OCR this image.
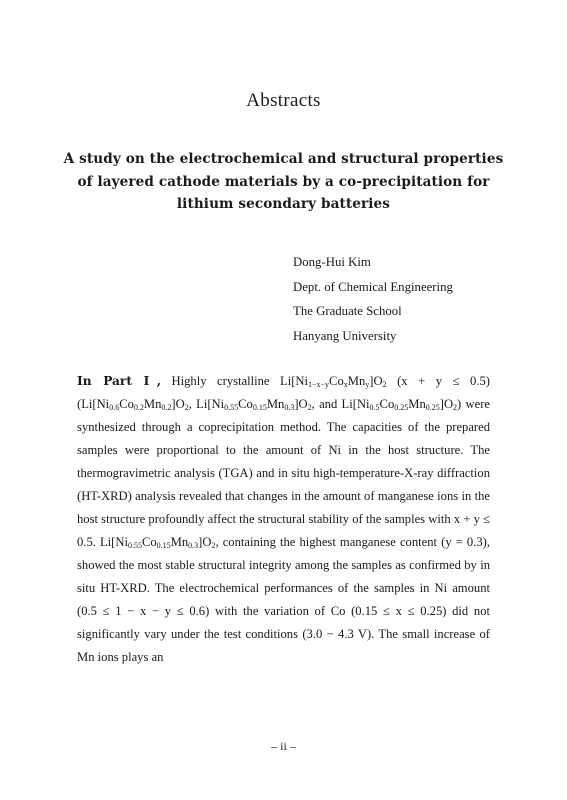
Abstracts
A study on the electrochemical and structural properties
of layered cathode materials by a co-precipitation for
lithium secondary batteries
Dong-Hui Kim
Dept. of Chemical Engineering
The Graduate School
Hanyang University

In Part Ⅰ, Highly crystalline $Li[Ni_{1-x-y}Co_xMn_y]O_2$ (x + y ≤ 0.5) ($Li[Ni_{0.6}Co_{0.2}Mn_{0.2}]O_2$, $Li[Ni_{0.55}Co_{0.15}Mn_{0.3}]O_2$, and $Li[Ni_{0.5}Co_{0.25}Mn_{0.25}]O_2$) were synthesized through a coprecipitation method. The capacities of the prepared samples were proportional to the amount of Ni in the host structure. The thermogravimetric analysis (TGA) and in situ high-temperature-X-ray diffraction (HT-XRD) analysis revealed that changes in the amount of manganese ions in the host structure profoundly affect the structural stability of the samples with x + y ≤ 0.5. $Li[Ni_{0.55}Co_{0.15}Mn_{0.3}]O_2$, containing the highest manganese content (y = 0.3), showed the most stable structural integrity among the samples as confirmed by in situ HT-XRD. The electrochemical performances of the samples in Ni amount (0.5 ≤ 1 − x − y ≤ 0.6) with the variation of Co (0.15 ≤ x ≤ 0.25) did not significantly vary under the test conditions (3.0 − 4.3 V). The small increase of Mn ions plays an

– ii –
